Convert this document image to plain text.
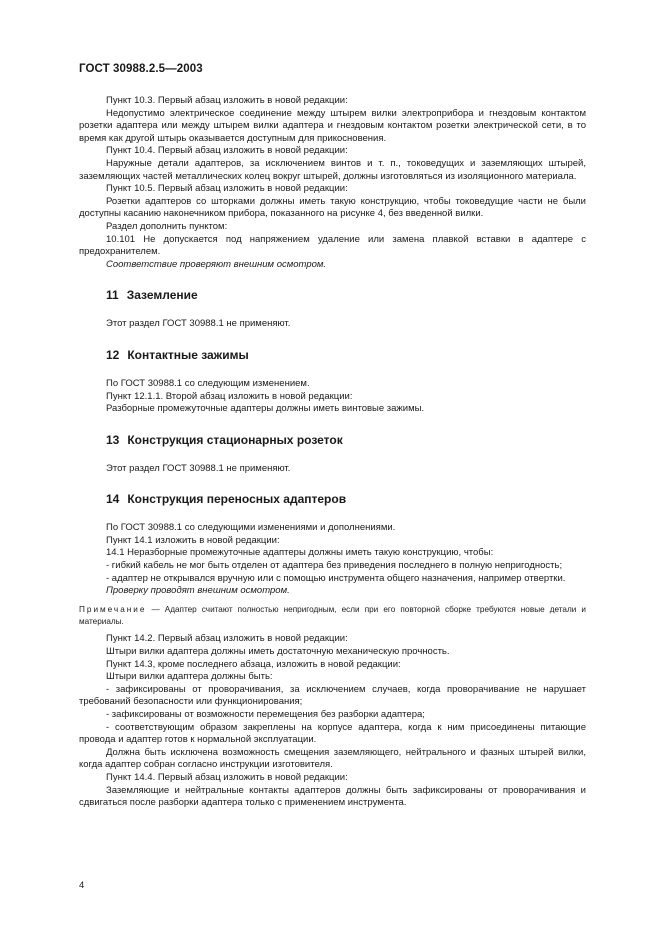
ГОСТ 30988.2.5—2003

Пункт 10.3. Первый абзац изложить в новой редакции:

Недопустимо электрическое соединение между штырем вилки электроприбора и гнездовым контактом розетки адаптера или между штырем вилки адаптера и гнездовым контактом розетки электрической сети, в то время как другой штырь оказывается доступным для прикосновения.

Пункт 10.4. Первый абзац изложить в новой редакции:

Наружные детали адаптеров, за исключением винтов и т. п., токоведущих и заземляющих штырей, заземляющих частей металлических колец вокруг штырей, должны изготовляться из изоляционного материала.

Пункт 10.5. Первый абзац изложить в новой редакции:

Розетки адаптеров со шторками должны иметь такую конструкцию, чтобы токоведущие части не были доступны касанию наконечником прибора, показанного на рисунке 4, без введенной вилки.

Раздел дополнить пунктом:

10.101 Не допускается под напряжением удаление или замена плавкой вставки в адаптере с предохранителем.

Соответствие проверяют внешним осмотром.

11 Заземление

Этот раздел ГОСТ 30988.1 не применяют.

12 Контактные зажимы

По ГОСТ 30988.1 со следующим изменением.

Пункт 12.1.1. Второй абзац изложить в новой редакции:

Разборные промежуточные адаптеры должны иметь винтовые зажимы.

13 Конструкция стационарных розеток

Этот раздел ГОСТ 30988.1 не применяют.

14 Конструкция переносных адаптеров

По ГОСТ 30988.1 со следующими изменениями и дополнениями.

Пункт 14.1 изложить в новой редакции:

14.1 Неразборные промежуточные адаптеры должны иметь такую конструкцию, чтобы:

- гибкий кабель не мог быть отделен от адаптера без приведения последнего в полную непригодность;

- адаптер не открывался вручную или с помощью инструмента общего назначения, например отвертки.

Проверку проводят внешним осмотром.

Примечание — Адаптер считают полностью непригодным, если при его повторной сборке требуются новые детали и материалы.

Пункт 14.2. Первый абзац изложить в новой редакции:

Штыри вилки адаптера должны иметь достаточную механическую прочность.

Пункт 14.3, кроме последнего абзаца, изложить в новой редакции:

Штыри вилки адаптера должны быть:

- зафиксированы от проворачивания, за исключением случаев, когда проворачивание не нарушает требований безопасности или функционирования;

- зафиксированы от возможности перемещения без разборки адаптера;

- соответствующим образом закреплены на корпусе адаптера, когда к ним присоединены питающие провода и адаптер готов к нормальной эксплуатации.

Должна быть исключена возможность смещения заземляющего, нейтрального и фазных штырей вилки, когда адаптер собран согласно инструкции изготовителя.

Пункт 14.4. Первый абзац изложить в новой редакции:

Заземляющие и нейтральные контакты адаптеров должны быть зафиксированы от проворачивания и сдвигаться после разборки адаптера только с применением инструмента.

4
